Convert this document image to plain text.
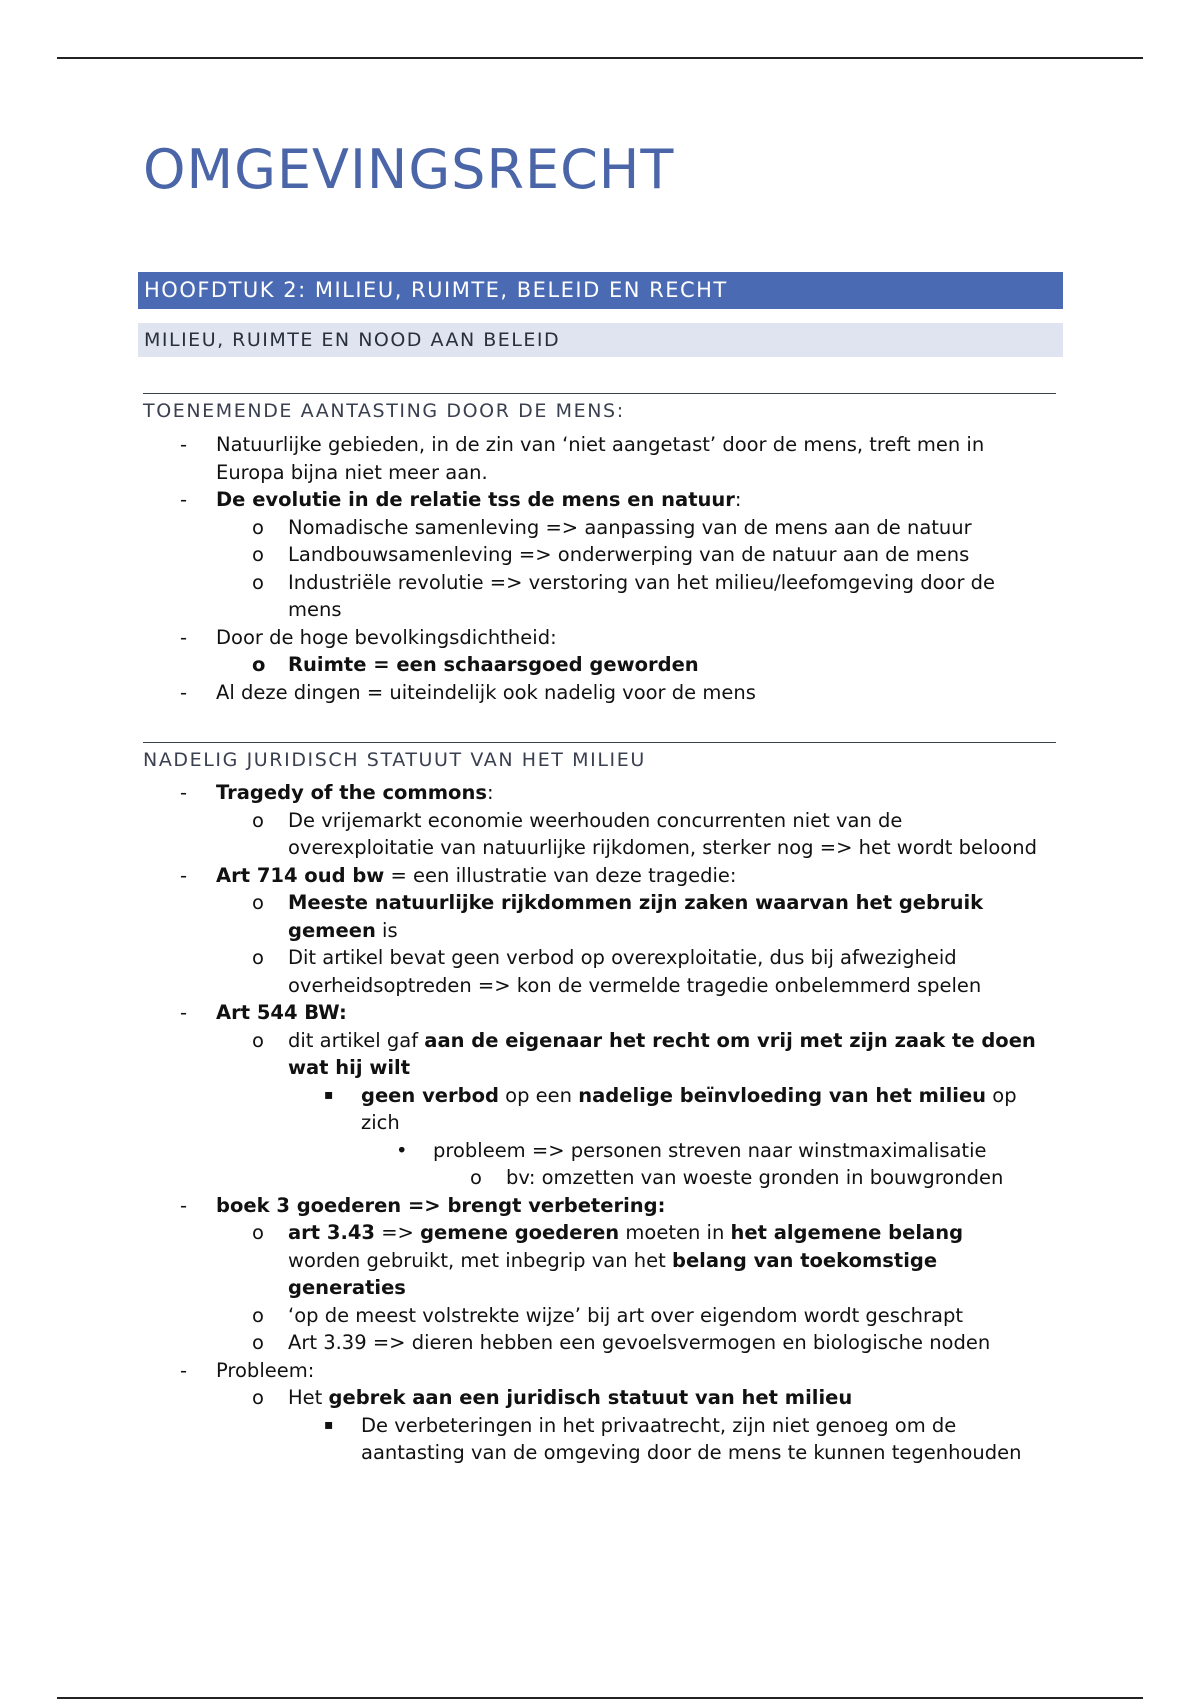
OMGEVINGSRECHT
HOOFDTUK 2: MILIEU, RUIMTE, BELEID EN RECHT
MILIEU, RUIMTE EN NOOD AAN BELEID
TOENEMENDE AANTASTING DOOR DE MENS:
- Natuurlijke gebieden, in de zin van ‘niet aangetast’ door de mens, treft men in Europa bijna niet meer aan.
- De evolutie in de relatie tss de mens en natuur:
o Nomadische samenleving => aanpassing van de mens aan de natuur
o Landbouwsamenleving => onderwerping van de natuur aan de mens
o Industriële revolutie => verstoring van het milieu/leefomgeving door de mens
- Door de hoge bevolkingsdichtheid:
o Ruimte = een schaarsgoed geworden
- Al deze dingen = uiteindelijk ook nadelig voor de mens
NADELIG JURIDISCH STATUUT VAN HET MILIEU
- Tragedy of the commons:
o De vrijemarkt economie weerhouden concurrenten niet van de overexploitatie van natuurlijke rijkdomen, sterker nog => het wordt beloond
- Art 714 oud bw = een illustratie van deze tragedie:
o Meeste natuurlijke rijkdommen zijn zaken waarvan het gebruik gemeen is
o Dit artikel bevat geen verbod op overexploitatie, dus bij afwezigheid overheidsoptreden => kon de vermelde tragedie onbelemmerd spelen
- Art 544 BW:
o dit artikel gaf aan de eigenaar het recht om vrij met zijn zaak te doen wat hij wilt
▪ geen verbod op een nadelige beïnvloeding van het milieu op zich
• probleem => personen streven naar winstmaximalisatie
o bv: omzetten van woeste gronden in bouwgronden
- boek 3 goederen => brengt verbetering:
o art 3.43 => gemene goederen moeten in het algemene belang worden gebruikt, met inbegrip van het belang van toekomstige generaties
o ‘op de meest volstrekte wijze’ bij art over eigendom wordt geschrapt
o Art 3.39 => dieren hebben een gevoelsvermogen en biologische noden
- Probleem:
o Het gebrek aan een juridisch statuut van het milieu
▪ De verbeteringen in het privaatrecht, zijn niet genoeg om de aantasting van de omgeving door de mens te kunnen tegenhouden
